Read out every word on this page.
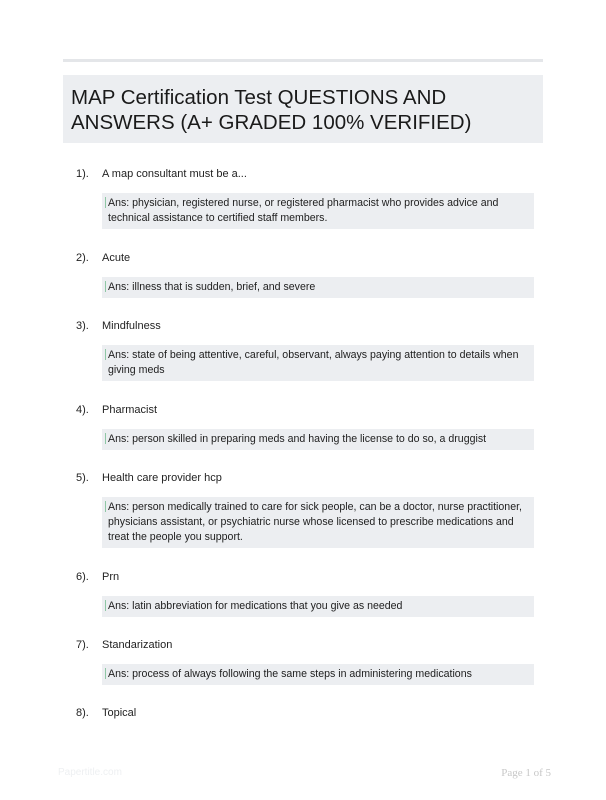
MAP Certification Test QUESTIONS AND ANSWERS (A+ GRADED 100% VERIFIED)
1). A map consultant must be a...
Ans: physician, registered nurse, or registered pharmacist who provides advice and technical assistance to certified staff members.
2). Acute
Ans: illness that is sudden, brief, and severe
3). Mindfulness
Ans: state of being attentive, careful, observant, always paying attention to details when giving meds
4). Pharmacist
Ans: person skilled in preparing meds and having the license to do so, a druggist
5). Health care provider hcp
Ans: person medically trained to care for sick people, can be a doctor, nurse practitioner, physicians assistant, or psychiatric nurse whose licensed to prescribe medications and treat the people you support.
6). Prn
Ans: latin abbreviation for medications that you give as needed
7). Standarization
Ans: process of always following the same steps in administering medications
8). Topical
Papertitle.com	Page 1 of 5
